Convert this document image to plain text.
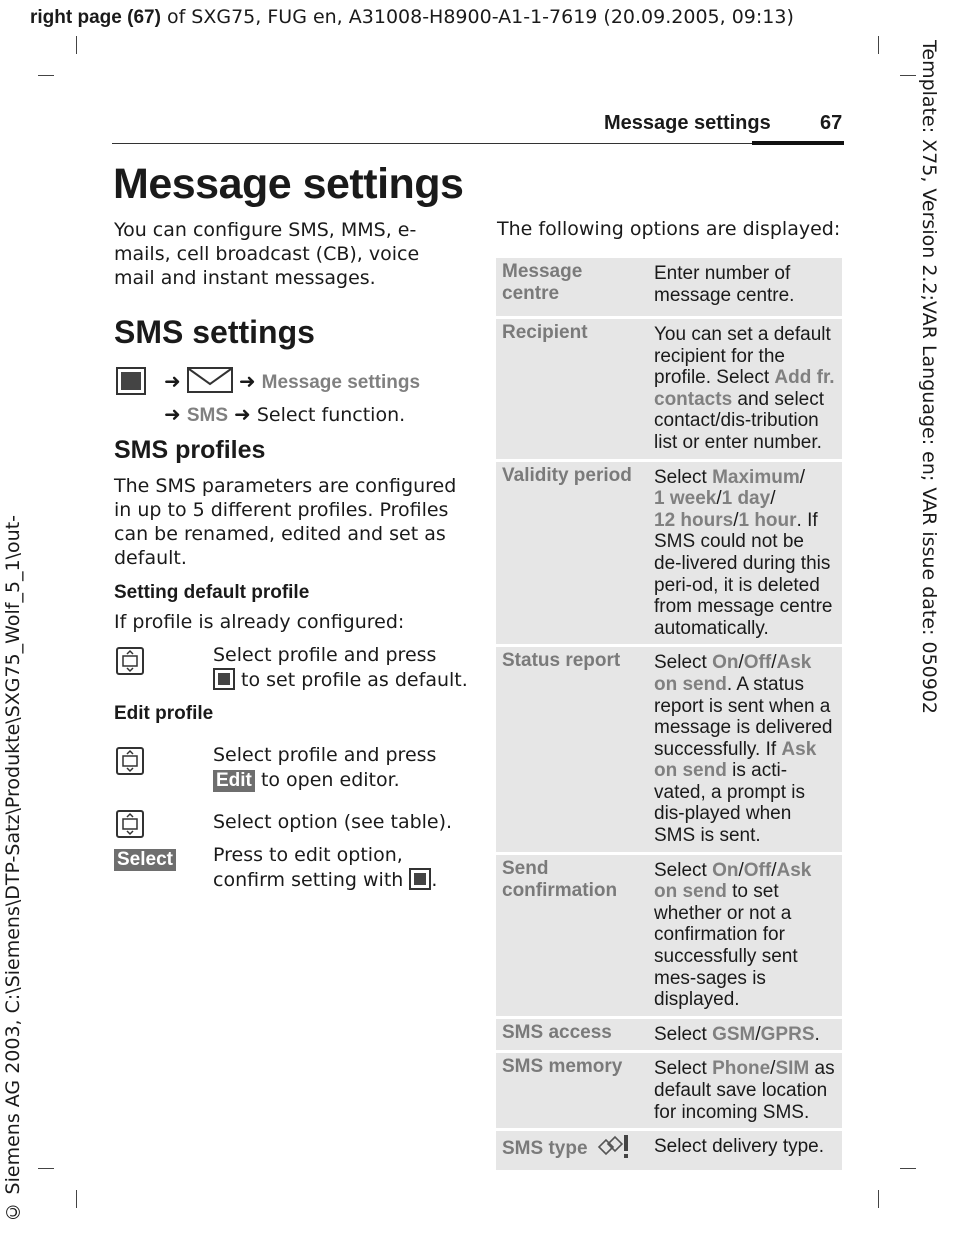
right page (67) of SXG75, FUG en, A31008-H8900-A1-1-7619 (20.09.2005, 09:13)
Template: X75, Version 2.2;VAR Language: en; VAR issue date: 050902
© Siemens AG 2003, C:\Siemens\DTP-Satz\Produkte\SXG75_Wolf_5_1\out-
Message settings 67
Message settings
You can configure SMS, MMS, e-mails, cell broadcast (CB), voice mail and instant messages.
SMS settings
➜	➜ Message settings
➜ SMS ➜ Select function.
SMS profiles
The SMS parameters are configured in up to 5 different profiles. Profiles can be renamed, edited and set as default.
Setting default profile
If profile is already configured:
Select profile and press
to set profile as default.
Edit profile
Select profile and press
Edit to open editor.
Select option (see table).
Select Press to edit option,
confirm setting with .
The following options are displayed:
Message centre	Enter number of message centre.
Recipient	You can set a default recipient for the profile. Select Add fr. contacts and select contact/dis-tribution list or enter number.
Validity period	Select Maximum/
1 week/1 day/
12 hours/1 hour. If SMS could not be de-livered during this peri-od, it is deleted from message centre automatically.
Status report	Select On/Off/Ask on send. A status report is sent when a message is delivered successfully. If Ask on send is acti-vated, a prompt is dis-played when SMS is sent.
Send confirmation	Select On/Off/Ask on send to set whether or not a confirmation for successfully sent mes-sages is displayed.
SMS access	Select GSM/GPRS.
SMS memory	Select Phone/SIM as default save location for incoming SMS.
SMS type	Select delivery type.
